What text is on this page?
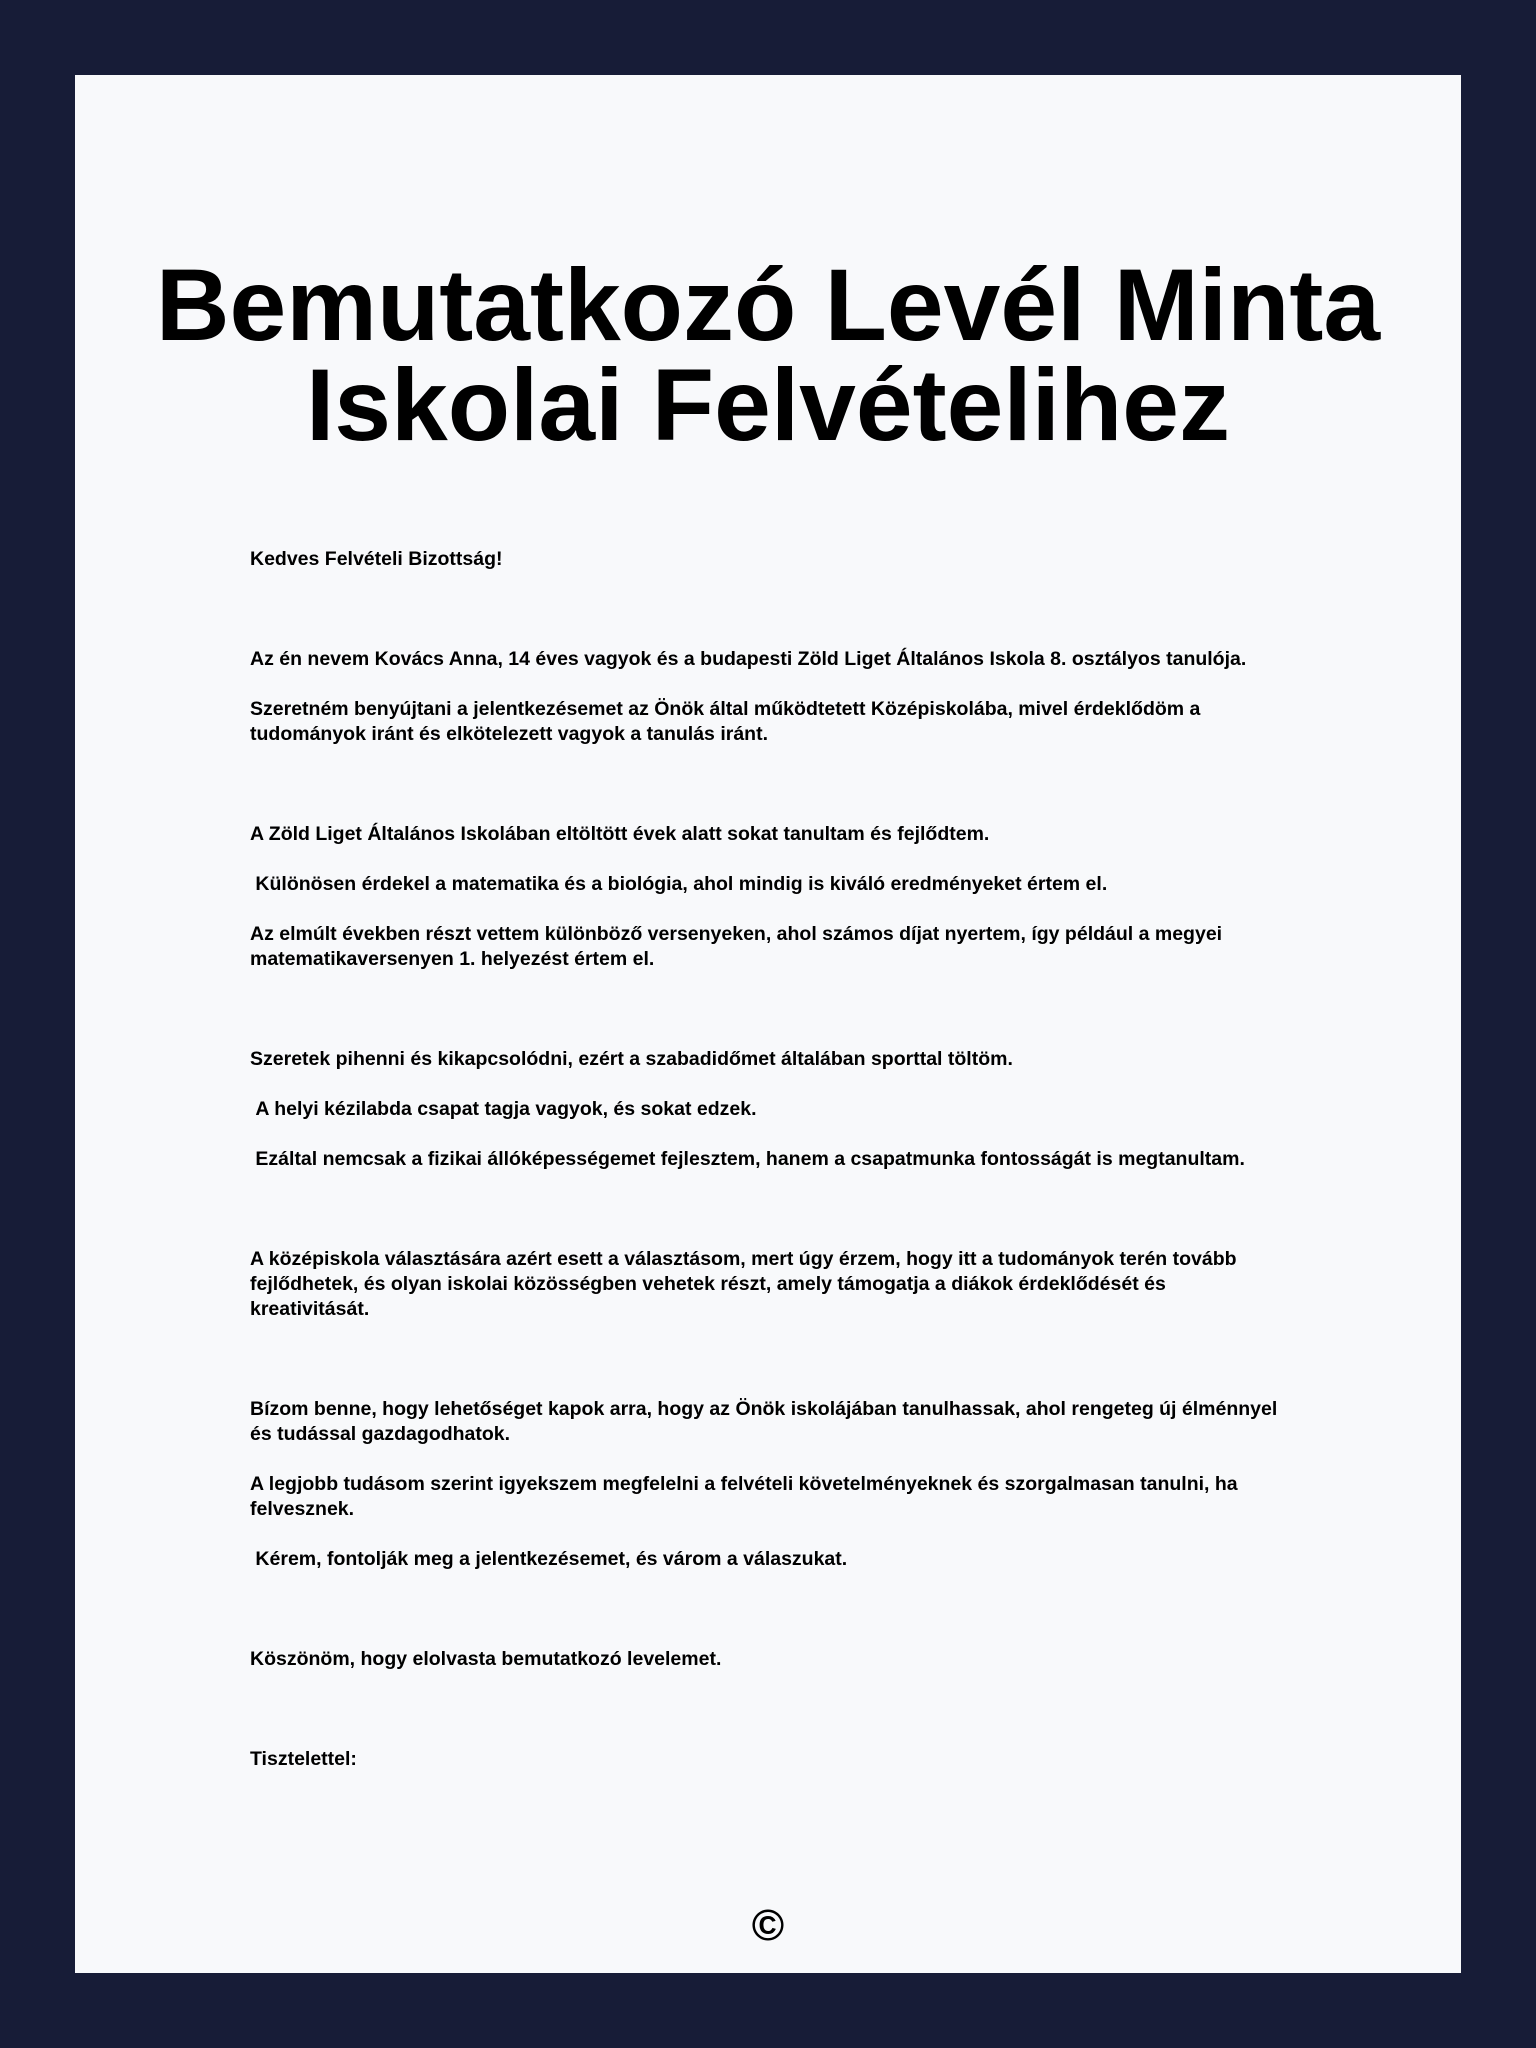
Bemutatkozó Levél Minta
Iskolai Felvételihez

Kedves Felvételi Bizottság!

Az én nevem Kovács Anna, 14 éves vagyok és a budapesti Zöld Liget Általános Iskola 8. osztályos tanulója.

Szeretném benyújtani a jelentkezésemet az Önök által működtetett Középiskolába, mivel érdeklődöm a tudományok iránt és elkötelezett vagyok a tanulás iránt.

A Zöld Liget Általános Iskolában eltöltött évek alatt sokat tanultam és fejlődtem.

Különösen érdekel a matematika és a biológia, ahol mindig is kiváló eredményeket értem el.

Az elmúlt években részt vettem különböző versenyeken, ahol számos díjat nyertem, így például a megyei matematikaversenyen 1. helyezést értem el.

Szeretek pihenni és kikapcsolódni, ezért a szabadidőmet általában sporttal töltöm.

A helyi kézilabda csapat tagja vagyok, és sokat edzek.

Ezáltal nemcsak a fizikai állóképességemet fejlesztem, hanem a csapatmunka fontosságát is megtanultam.

A középiskola választására azért esett a választásom, mert úgy érzem, hogy itt a tudományok terén tovább fejlődhetek, és olyan iskolai közösségben vehetek részt, amely támogatja a diákok érdeklődését és kreativitását.

Bízom benne, hogy lehetőséget kapok arra, hogy az Önök iskolájában tanulhassak, ahol rengeteg új élménnyel és tudással gazdagodhatok.

A legjobb tudásom szerint igyekszem megfelelni a felvételi követelményeknek és szorgalmasan tanulni, ha felvesznek.

Kérem, fontolják meg a jelentkezésemet, és várom a válaszukat.

Köszönöm, hogy elolvasta bemutatkozó levelemet.

Tisztelettel:

©
